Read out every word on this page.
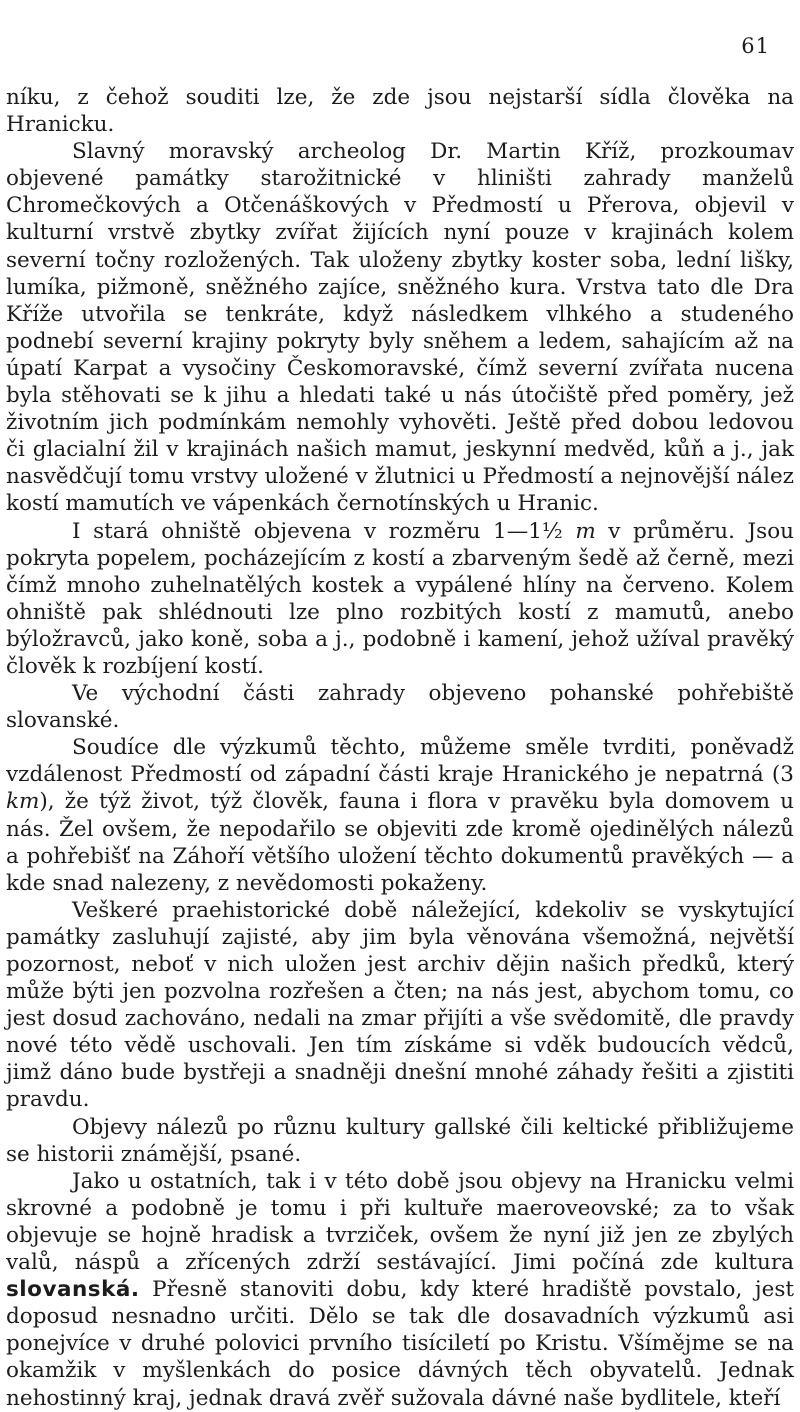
61

níku, z čehož souditi lze, že zde jsou nejstarší sídla člověka na Hranicku.

Slavný moravský archeolog Dr. Martin Kříž, prozkoumav objevené památky starožitnické v hliništi zahrady manželů Chromečkových a Otčenáškových v Předmostí u Přerova, objevil v kulturní vrstvě zbytky zvířat žijících nyní pouze v krajinách kolem severní točny rozložených. Tak uloženy zbytky koster soba, lední lišky, lumíka, pižmoně, sněžného zajíce, sněžného kura. Vrstva tato dle Dra Kříže utvořila se tenkráte, když následkem vlhkého a studeného podnebí severní krajiny pokryty byly sněhem a ledem, sahajícím až na úpatí Karpat a vysočiny Českomoravské, čímž severní zvířata nucena byla stěhovati se k jihu a hledati také u nás útočiště před poměry, jež životním jich podmínkám nemohly vyhověti. Ještě před dobou ledovou či glacialní žil v krajinách našich mamut, jeskynní medvěd, kůň a j., jak nasvědčují tomu vrstvy uložené v žlutnici u Předmostí a nejnovější nález kostí mamutích ve vápenkách černotínských u Hranic.

I stará ohniště objevena v rozměru 1—1½ m v průměru. Jsou pokryta popelem, pocházejícím z kostí a zbarveným šedě až černě, mezi čímž mnoho zuhelnatělých kostek a vypálené hlíny na červeno. Kolem ohniště pak shlédnouti lze plno rozbitých kostí z mamutů, anebo býložravců, jako koně, soba a j., podobně i kamení, jehož užíval pravěký člověk k rozbíjení kostí.

Ve východní části zahrady objeveno pohanské pohřebiště slovanské.

Soudíce dle výzkumů těchto, můžeme směle tvrditi, poněvadž vzdálenost Předmostí od západní části kraje Hranického je nepatrná (3 km), že týž život, týž člověk, fauna i flora v pravěku byla domovem u nás. Žel ovšem, že nepodařilo se objeviti zde kromě ojedinělých nálezů a pohřebišť na Záhoří většího uložení těchto dokumentů pravěkých — a kde snad nalezeny, z nevědomosti pokaženy.

Veškeré praehistorické době náležející, kdekoliv se vyskytující památky zasluhují zajisté, aby jim byla věnována všemožná, největší pozornost, neboť v nich uložen jest archiv dějin našich předků, který může býti jen pozvolna rozřešen a čten; na nás jest, abychom tomu, co jest dosud zachováno, nedali na zmar přijíti a vše svědomitě, dle pravdy nové této vědě uschovali. Jen tím získáme si vděk budoucích vědců, jimž dáno bude bystřeji a snadněji dnešní mnohé záhady řešiti a zjistiti pravdu.

Objevy nálezů po různu kultury gallské čili keltické přibližujeme se historii známější, psané.

Jako u ostatních, tak i v této době jsou objevy na Hranicku velmi skrovné a podobně je tomu i při kultuře maeroveovské; za to však objevuje se hojně hradisk a tvrziček, ovšem že nyní již jen ze zbylých valů, náspů a zřícených zdrží sestávající. Jimi počíná zde kultura slovanská. Přesně stanoviti dobu, kdy které hradiště povstalo, jest doposud nesnadno určiti. Dělo se tak dle dosavadních výzkumů asi ponejvíce v druhé polovici prvního tisíciletí po Kristu. Všímějme se na okamžik v myšlenkách do posice dávných těch obyvatelů. Jednak nehostinný kraj, jednak dravá zvěř sužovala dávné naše bydlitele, kteří
